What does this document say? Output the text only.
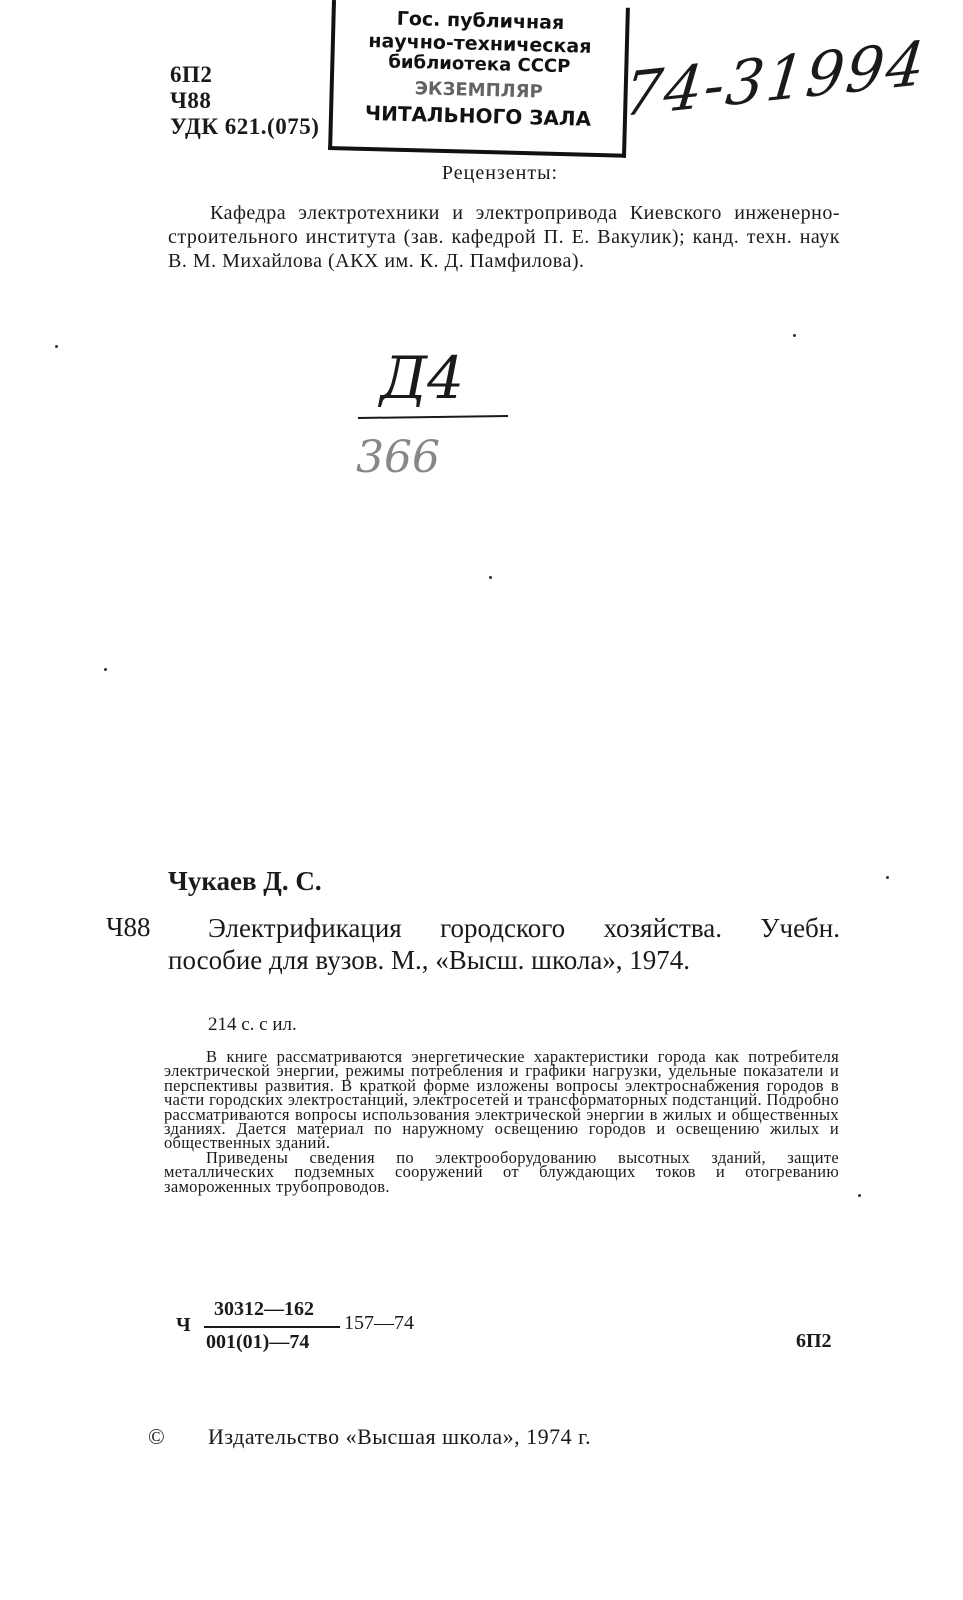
6П2
Ч88
УДК 621.(075)
Гос. публичная
научно-техническая
библиотека СССР
ЭКЗЕМПЛЯР
ЧИТАЛЬНОГО ЗАЛА 74-31994
Рецензенты:
Кафедра электротехники и электропривода Киевского инженерно-строительного института (зав. кафедрой П. Е. Вакулик); канд. техн. наук В. М. Михайлова (АКХ им. К. Д. Памфилова).
Д4
366
Чукаев Д. С.
Ч88	Электрификация городского хозяйства. Учебн. пособие для вузов. М., «Высш. школа», 1974.
214 с. с ил.

В книге рассматриваются энергетические характеристики города как потребителя электрической энергии, режимы потребления и графики нагрузки, удельные показатели и перспективы развития. В краткой форме изложены вопросы электроснабжения городов в части городских электростанций, электросетей и трансформаторных подстанций. Подробно рассматриваются вопросы использования электрической энергии в жилых и общественных зданиях. Дается материал по наружному освещению городов и освещению жилых и общественных зданий.

Приведены сведения по электрооборудованию высотных зданий, защите металлических подземных сооружений от блуждающих токов и отогреванию замороженных трубопроводов.

Ч
30312—162
001(01)—74
157—74
6П2
© Издательство «Высшая школа», 1974 г.
